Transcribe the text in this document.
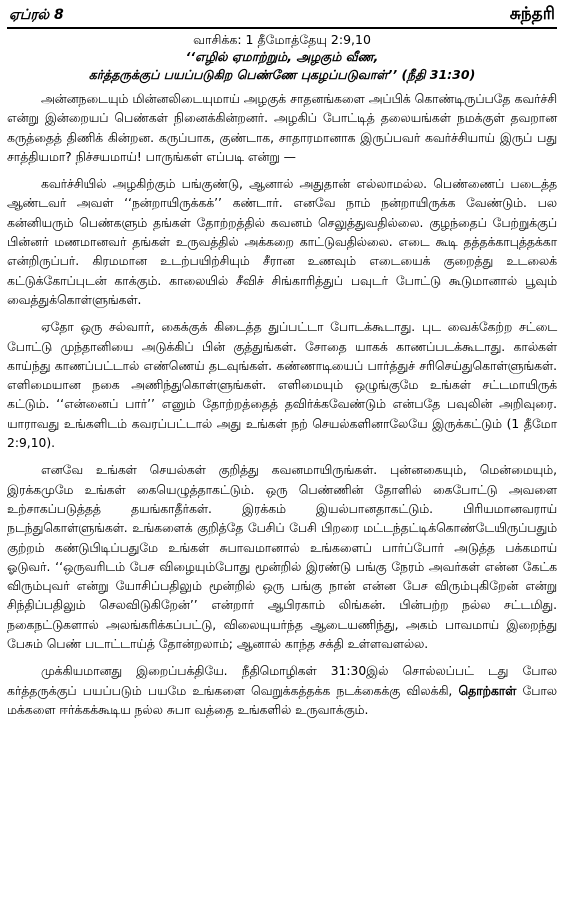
ஏப்ரல் 8	சுந்தரி
வாசிக்க: 1 தீமோத்தேயு 2:9,10
‘‘எழில் ஏமாற்றும், அழகும் வீண,
கர்த்தருக்குப் பயப்படுகிற பெண்ணே புகழப்படுவாள்’’ (நீதி 31:30)

அன்னநடையும் மின்னலிடையுமாய் அழகுக் சாதனங்களை அப்பிக் கொண்டிருப்பதே கவர்ச்சி என்று இன்றையப் பெண்கள் நினைக்கின்றனர். அழகிப் போட்டித் தலையங்கள் நமக்குள் தவறான கருத்தைத் திணிக் கின்றன. கருப்பாக, குண்டாக, சாதாரமானாக இருப்பவர் கவர்ச்சியாய் இருப் பது சாத்தியமா? நிச்சயமாய்! பாருங்கள் எப்படி என்று —

கவர்ச்சியில் அழகிற்கும் பங்குண்டு, ஆனால் அதுதான் எல்லாமல்ல. பெண்ணைப் படைத்த ஆண்டவர் அவள் ‘‘நன்றாயிருக்கக்’’ கண்டார். எனவே நாம் நன்றாயிருக்க வேண்டும். பல கன்னியரும் பெண்களும் தங்கள் தோற்றத்தில் கவனம் செலுத்துவதில்லை. குழந்தைப் பேற்றுக்குப் பின்னர் மணமானவர் தங்கள் உருவத்தில் அக்கறை காட்டுவதில்லை. எடை கூடி தத்தக்காபுத்தக்கா என்றிருப்பர். கிரமமான உடற்பயிற்சியும் சீரான உணவும் எடையைக் குறைத்து உடலைக் கட்டுக்கோப்புடன் காக்கும். காலையில் சீவிச் சிங்காரித்துப் பவுடர் போட்டு கூடுமானால் பூவும் வைத்துக்கொள்ளுங்கள்.

ஏதோ ஒரு சல்வார், கைக்குக் கிடைத்த துப்பட்டா போடக்கூடாது. புட வைக்கேற்ற சட்டை போட்டு முந்தானியை அடுக்கிப் பின் குத்துங்கள். சோதை யாகக் காணப்படக்கூடாது. கால்கள் காய்ந்து காணப்பட்டால் எண்ணெய் தடவுங்கள். கண்ணாடியைப் பார்த்துச் சரிசெய்துகொள்ளுங்கள். எளிமையான நகை அணிந்துகொள்ளுங்கள். எளிமையும் ஒழுங்குமே உங்கள் சட்டமாயிருக் கட்டும். ‘‘என்னைப் பார்’’ எனும் தோற்றத்தைத் தவிர்க்கவேண்டும் என்பதே பவுலின் அறிவுரை. யாராவது உங்களிடம் கவரப்பட்டால் அது உங்கள் நற் செயல்களினாலேயே இருக்கட்டும் (1 தீமோ 2:9,10).

எனவே உங்கள் செயல்கள் குறித்து கவனமாயிருங்கள். புன்னகையும், மென்மையும், இரக்கமுமே உங்கள் கையெழுத்தாகட்டும். ஒரு பெண்ணின் தோளில் கைபோட்டு அவளை உற்சாகப்படுத்தத் தயங்காதீர்கள். இரக்கம் இயல்பானதாகட்டும். பிரியமானவராய் நடந்துகொள்ளுங்கள். உங்களைக் குறித்தே பேசிப் பேசி பிறரை மட்டந்தட்டிக்கொண்டேயிருப்பதும் குற்றம் கண்டுபிடிப்பதுமே உங்கள் சுபாவமானால் உங்களைப் பார்ப்போர் அடுத்த பக்கமாய் ஓடுவர். ‘‘ஒருவரிடம் பேச விழையும்போது மூன்றில் இரண்டு பங்கு நேரம் அவர்கள் என்ன கேட்க விரும்புவர் என்று யோசிப்பதிலும் மூன்றில் ஒரு பங்கு நான் என்ன பேச விரும்புகிறேன் என்று சிந்திப்பதிலும் செலவிடுகிறேன்’’ என்றார் ஆபிரகாம் லிங்கன். பின்பற்ற நல்ல சட்டமிது. நகைநட்டுகளால் அலங்கரிக்கப்பட்டு, விலையுயர்ந்த ஆடையணிந்து, அகம் பாவமாய் இறைந்து பேசும் பெண் படாட்டாய்த் தோன்றலாம்; ஆனால் காந்த சக்தி உள்ளவளல்ல.

முக்கியமானது இறைப்பக்தியே. நீதிமொழிகள் 31:30இல் சொல்லப்பட் டது போல கர்த்தருக்குப் பயப்படும் பயமே உங்களை வெறுக்கத்தக்க நடக்கைக்கு விலக்கி, தொற்காள் போல மக்களை ஈர்க்கக்கூடிய நல்ல சுபா வத்தை உங்களில் உருவாக்கும்.
